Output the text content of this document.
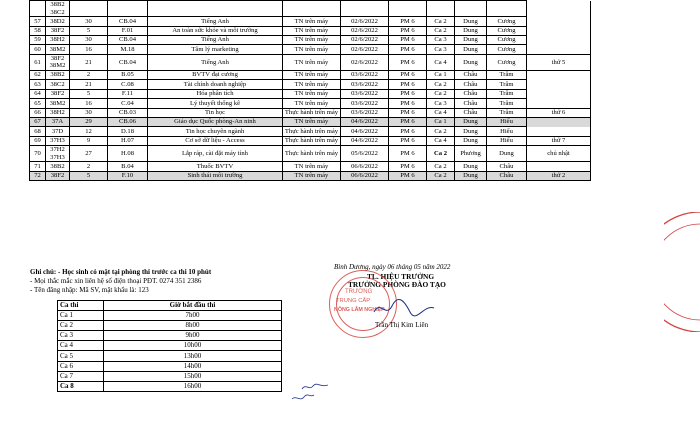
	38B2
38C2										
57	38D2	30	CB.04	Tiếng Anh	TN trên máy	02/6/2022	PM 6	Ca 2	Dung	Cương	
58	38F2	5	F.01	An toàn sức khỏe và môi trường	TN trên máy	02/6/2022	PM 6	Ca 2	Dung	Cương	
59	38H2	30	CB.04	Tiếng Anh	TN trên máy	02/6/2022	PM 6	Ca 3	Dung	Cương	
60	38M2	16	M.18	Tâm lý marketing	TN trên máy	02/6/2022	PM 6	Ca 3	Dung	Cương	
61	38F2
38M2	21	CB.04	Tiếng Anh	TN trên máy	02/6/2022	PM 6	Ca 4	Dung	Cương	thứ 5
62	38B2	2	B.05	BVTV đại cương	TN trên máy	03/6/2022	PM 6	Ca 1	Châu	Trâm	
63	38C2	21	C.08	Tài chính doanh nghiệp	TN trên máy	03/6/2022	PM 6	Ca 2	Châu	Trâm	
64	38F2	5	F.11	Hóa phân tích	TN trên máy	03/6/2022	PM 6	Ca 2	Châu	Trâm	
65	38M2	16	C.04	Lý thuyết thống kê	TN trên máy	03/6/2022	PM 6	Ca 3	Châu	Trâm	
66	38H2	30	CB.03	Tin học	Thực hành trên máy	03/6/2022	PM 6	Ca 4	Châu	Trâm	thứ 6
67	37A	29	CB.06	Giáo dục Quốc phòng-An ninh	TN trên máy	04/6/2022	PM 6	Ca 1	Dung	Hiếu	
68	37D	12	D.18	Tin học chuyên ngành	Thực hành trên máy	04/6/2022	PM 6	Ca 2	Dung	Hiếu	
69	37H3	9	H.07	Cơ sở dữ liệu - Access	Thực hành trên máy	04/6/2022	PM 6	Ca 4	Dung	Hiếu	thứ 7
70	37H2
37H3	27	H.08	Lắp ráp, cài đặt máy tính	Thực hành trên máy	05/6/2022	PM 6	Ca 2	Phương	Dung	chủ nhật
71	38B2	2	B.04	Thuốc BVTV	TN trên máy	06/6/2022	PM 6	Ca 2	Dung	Châu	
72	38F2	5	F.10	Sinh thái môi trường	TN trên máy	06/6/2022	PM 6	Ca 2	Dung	Châu	thứ 2
Bình Dương, ngày 06 tháng 05 năm 2022
TL. HIỆU TRƯỞNG
TRƯỞNG PHÒNG ĐÀO TẠO
TRƯỜNG
TRUNG CẤP
NÔNG LÂM NGHIỆP
Trần Thị Kim Liên
Ghi chú: - Học sinh có mặt tại phòng thi trước ca thi 10 phút
- Mọi thắc mắc xin liên hệ số điện thoại PĐT. 0274 351 2386
- Tên đăng nhập: Mã SV, mật khẩu là: 123
Ca thi	Giờ bắt đầu thi
Ca 1	7h00
Ca 2	8h00
Ca 3	9h00
Ca 4	10h00
Ca 5	13h00
Ca 6	14h00
Ca 7	15h00
Ca 8	16h00
